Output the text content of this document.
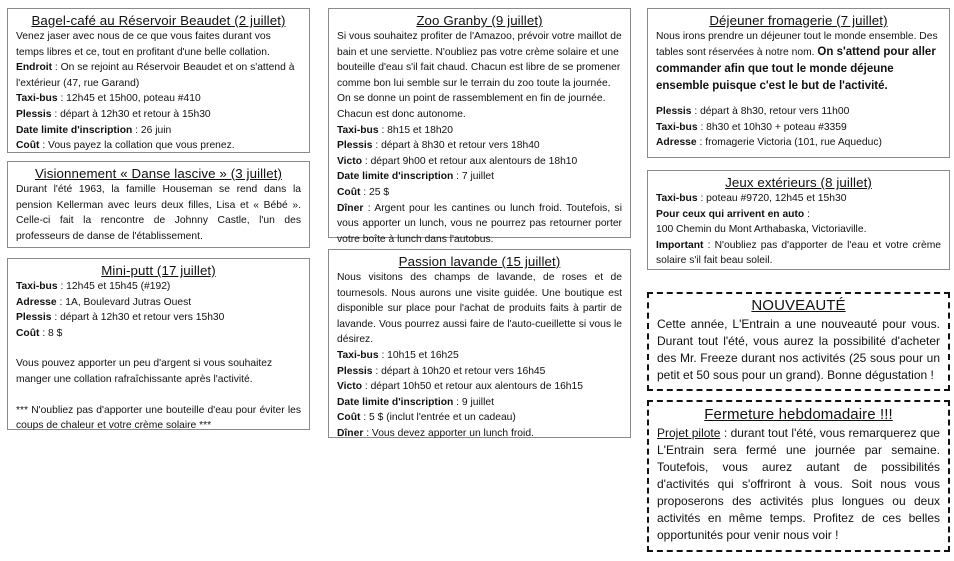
Bagel-café au Réservoir Beaudet (2 juillet)

Venez jaser avec nous de ce que vous faites durant vos temps libres et ce, tout en profitant d'une belle collation.

Endroit : On se rejoint au Réservoir Beaudet et on s'attend à l'extérieur (47, rue Garand)

Taxi-bus : 12h45 et 15h00, poteau #410

Plessis : départ à 12h30 et retour à 15h30

Date limite d'inscription : 26 juin

Coût : Vous payez la collation que vous prenez.

Visionnement « Danse lascive » (3 juillet)

Durant l'été 1963, la famille Houseman se rend dans la pension Kellerman avec leurs deux filles, Lisa et « Bébé ». Celle-ci fait la rencontre de Johnny Castle, l'un des professeurs de danse de l'établissement.

Mini-putt (17 juillet)

Taxi-bus : 12h45 et 15h45 (#192)

Adresse : 1A, Boulevard Jutras Ouest

Plessis : départ à 12h30 et retour vers 15h30

Coût : 8 $

Vous pouvez apporter un peu d'argent si vous souhaitez manger une collation rafraîchissante après l'activité.

*** N'oubliez pas d'apporter une bouteille d'eau pour éviter les coups de chaleur et votre crème solaire ***

Zoo Granby (9 juillet)

Si vous souhaitez profiter de l'Amazoo, prévoir votre maillot de bain et une serviette. N'oubliez pas votre crème solaire et une bouteille d'eau s'il fait chaud. Chacun est libre de se promener comme bon lui semble sur le terrain du zoo toute la journée. On se donne un point de rassemblement en fin de journée. Chacun est donc autonome.

Taxi-bus : 8h15 et 18h20

Plessis : départ à 8h30 et retour vers 18h40

Victo : départ 9h00 et retour aux alentours de 18h10

Date limite d'inscription : 7 juillet

Coût : 25 $

Dîner : Argent pour les cantines ou lunch froid. Toutefois, si vous apporter un lunch, vous ne pourrez pas retourner porter votre boîte à lunch dans l'autobus.

Passion lavande (15 juillet)

Nous visitons des champs de lavande, de roses et de tournesols. Nous aurons une visite guidée. Une boutique est disponible sur place pour l'achat de produits faits à partir de lavande. Vous pourrez aussi faire de l'auto-cueillette si vous le désirez.

Taxi-bus : 10h15 et 16h25

Plessis : départ à 10h20 et retour vers 16h45

Victo : départ 10h50 et retour aux alentours de 16h15

Date limite d'inscription : 9 juillet

Coût : 5 $ (inclut l'entrée et un cadeau)

Dîner : Vous devez apporter un lunch froid.

Déjeuner fromagerie (7 juillet)

Nous irons prendre un déjeuner tout le monde ensemble. Des tables sont réservées à notre nom. On s'attend pour aller commander afin que tout le monde déjeune ensemble puisque c'est le but de l'activité.

Plessis : départ à 8h30, retour vers 11h00

Taxi-bus : 8h30 et 10h30 + poteau #3359

Adresse : fromagerie Victoria (101, rue Aqueduc)

Jeux extérieurs (8 juillet)

Taxi-bus : poteau #9720, 12h45 et 15h30

Pour ceux qui arrivent en auto :

100 Chemin du Mont Arthabaska, Victoriaville.

Important : N'oubliez pas d'apporter de l'eau et votre crème solaire s'il fait beau soleil.

NOUVEAUTÉ

Cette année, L'Entrain a une nouveauté pour vous. Durant tout l'été, vous aurez la possibilité d'acheter des Mr. Freeze durant nos activités (25 sous pour un petit et 50 sous pour un grand). Bonne dégustation !

Fermeture hebdomadaire !!!

Projet pilote : durant tout l'été, vous remarquerez que L'Entrain sera fermé une journée par semaine. Toutefois, vous aurez autant de possibilités d'activités qui s'offriront à vous. Soit nous vous proposerons des activités plus longues ou deux activités en même temps. Profitez de ces belles opportunités pour venir nous voir !
